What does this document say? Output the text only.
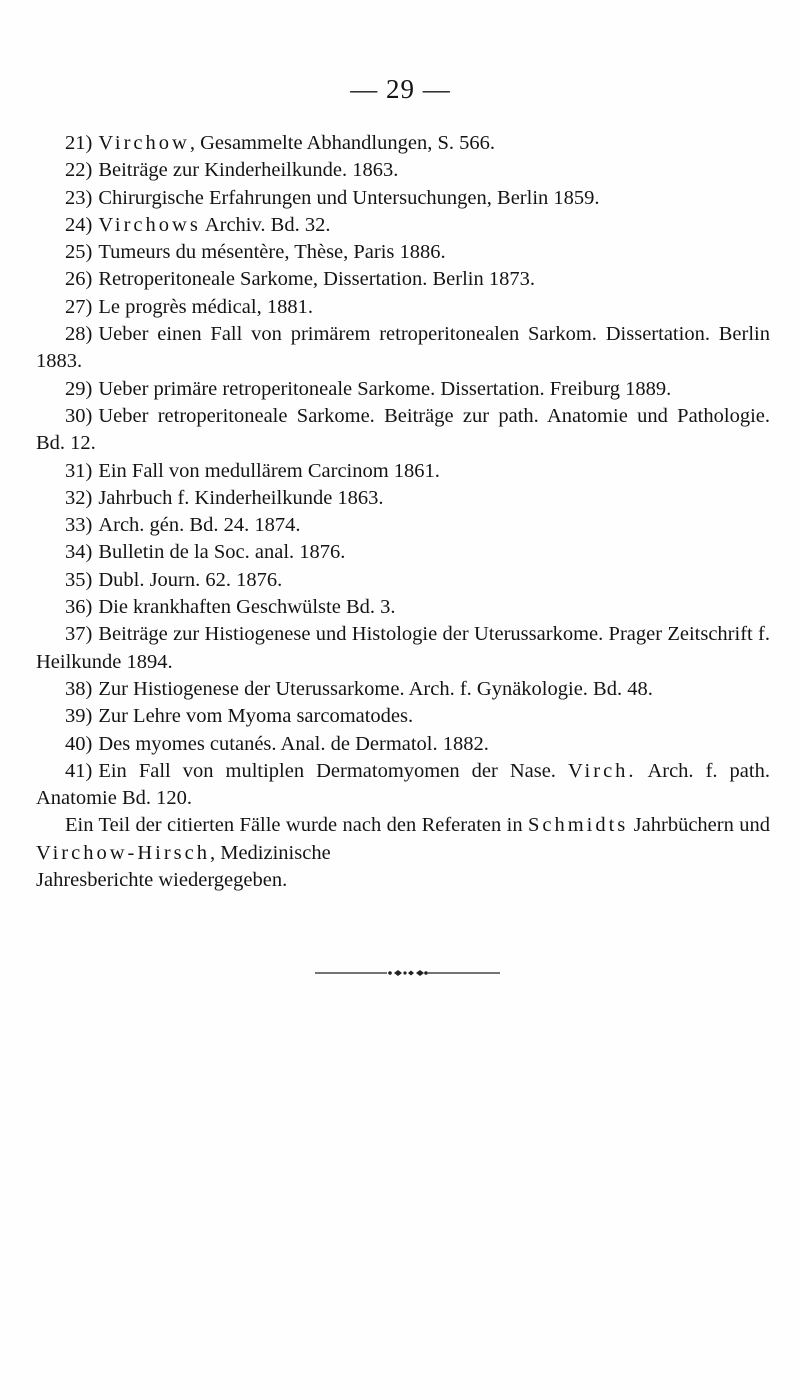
— 29 —

21) Virchow, Gesammelte Abhandlungen, S. 566.

22) Beiträge zur Kinderheilkunde. 1863.

23) Chirurgische Erfahrungen und Untersuchungen, Berlin 1859.

24) Virchows Archiv. Bd. 32.

25) Tumeurs du mésentère, Thèse, Paris 1886.

26) Retroperitoneale Sarkome, Dissertation. Berlin 1873.

27) Le progrès médical, 1881.

28) Ueber einen Fall von primärem retroperitonealen Sarkom. Dissertation. Berlin 1883.

29) Ueber primäre retroperitoneale Sarkome. Dissertation. Freiburg 1889.

30) Ueber retroperitoneale Sarkome. Beiträge zur path. Anatomie und Pathologie. Bd. 12.

31) Ein Fall von medullärem Carcinom 1861.

32) Jahrbuch f. Kinderheilkunde 1863.

33) Arch. gén. Bd. 24. 1874.

34) Bulletin de la Soc. anal. 1876.

35) Dubl. Journ. 62. 1876.

36) Die krankhaften Geschwülste Bd. 3.

37) Beiträge zur Histiogenese und Histologie der Uterussarkome. Prager Zeitschrift f. Heilkunde 1894.

38) Zur Histiogenese der Uterussarkome. Arch. f. Gynäkologie. Bd. 48.

39) Zur Lehre vom Myoma sarcomatodes.

40) Des myomes cutanés. Anal. de Dermatol. 1882.

41) Ein Fall von multiplen Dermatomyomen der Nase. Virch. Arch. f. path. Anatomie Bd. 120.

Ein Teil der citierten Fälle wurde nach den Referaten in Schmidts Jahrbüchern und Virchow-Hirsch, Medizinische
Jahresberichte wiedergegeben.
